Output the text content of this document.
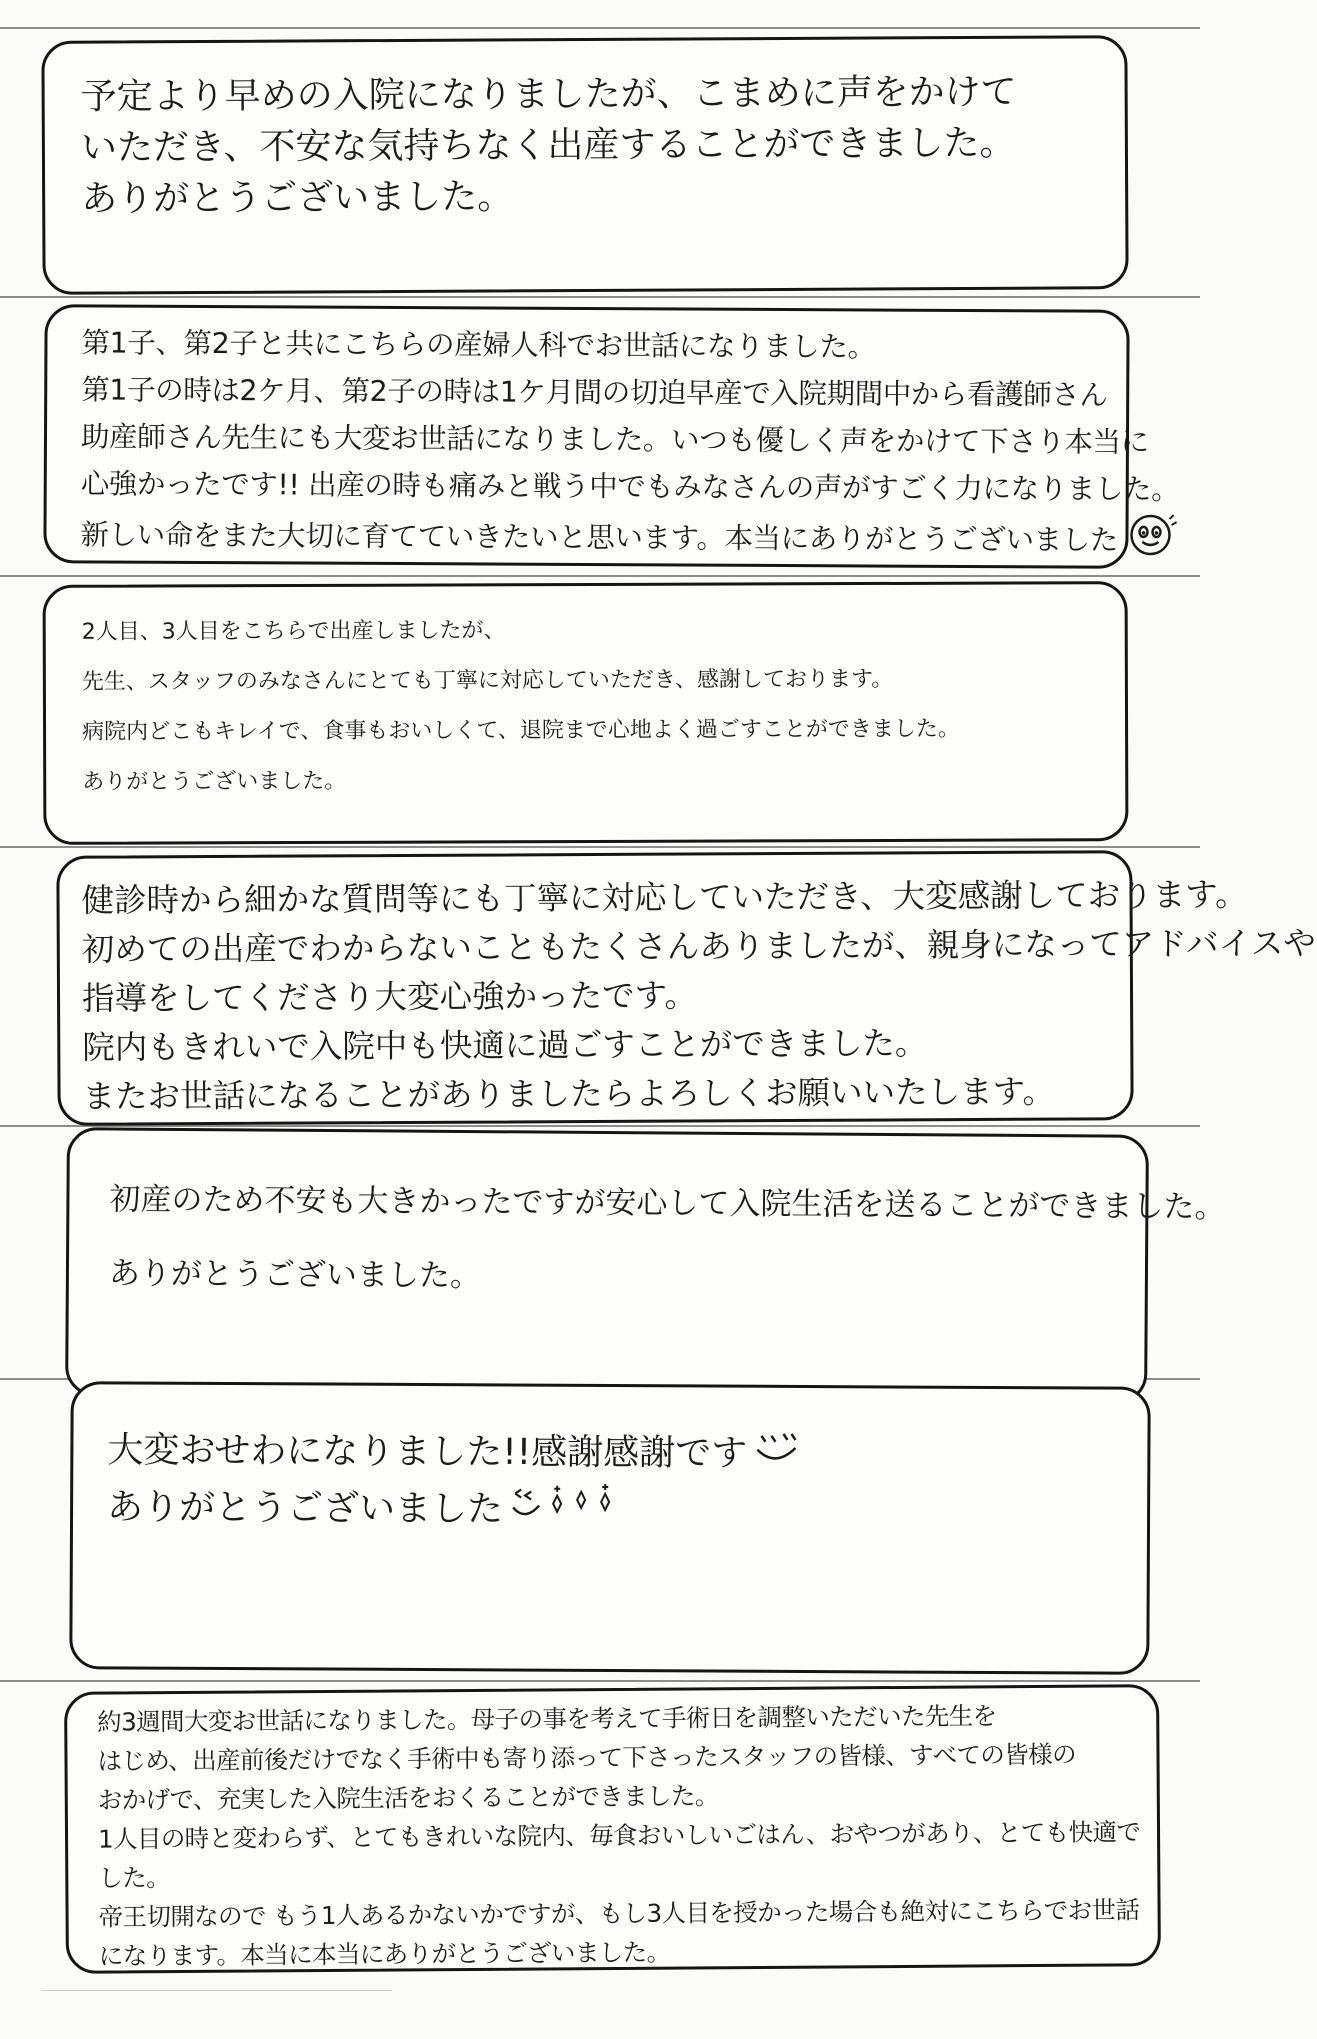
予定より早めの入院になりましたが、こまめに声をかけて

いただき、不安な気持ちなく出産することができました。

ありがとうございました。

第1子、第2子と共にこちらの産婦人科でお世話になりました。

第1子の時は2ケ月、第2子の時は1ケ月間の切迫早産で入院期間中から看護師さん

助産師さん先生にも大変お世話になりました。いつも優しく声をかけて下さり本当に

心強かったです!! 出産の時も痛みと戦う中でもみなさんの声がすごく力になりました。

新しい命をまた大切に育てていきたいと思います。本当にありがとうございました

2人目、3人目をこちらで出産しましたが、

先生、スタッフのみなさんにとても丁寧に対応していただき、感謝しております。

病院内どこもキレイで、食事もおいしくて、退院まで心地よく過ごすことができました。

ありがとうございました。

健診時から細かな質問等にも丁寧に対応していただき、大変感謝しております。

初めての出産でわからないこともたくさんありましたが、親身になってアドバイスや

指導をしてくださり大変心強かったです。

院内もきれいで入院中も快適に過ごすことができました。

またお世話になることがありましたらよろしくお願いいたします。

初産のため不安も大きかったですが安心して入院生活を送ることができました。

ありがとうございました。

大変おせわになりました!!感謝感謝です

ありがとうございました

約3週間大変お世話になりました。母子の事を考えて手術日を調整いただいた先生を

はじめ、出産前後だけでなく手術中も寄り添って下さったスタッフの皆様、すべての皆様の

おかげで、充実した入院生活をおくることができました。

1人目の時と変わらず、とてもきれいな院内、毎食おいしいごはん、おやつがあり、とても快適で

した。

帝王切開なので もう1人あるかないかですが、もし3人目を授かった場合も絶対にこちらでお世話

になります。本当に本当にありがとうございました。
